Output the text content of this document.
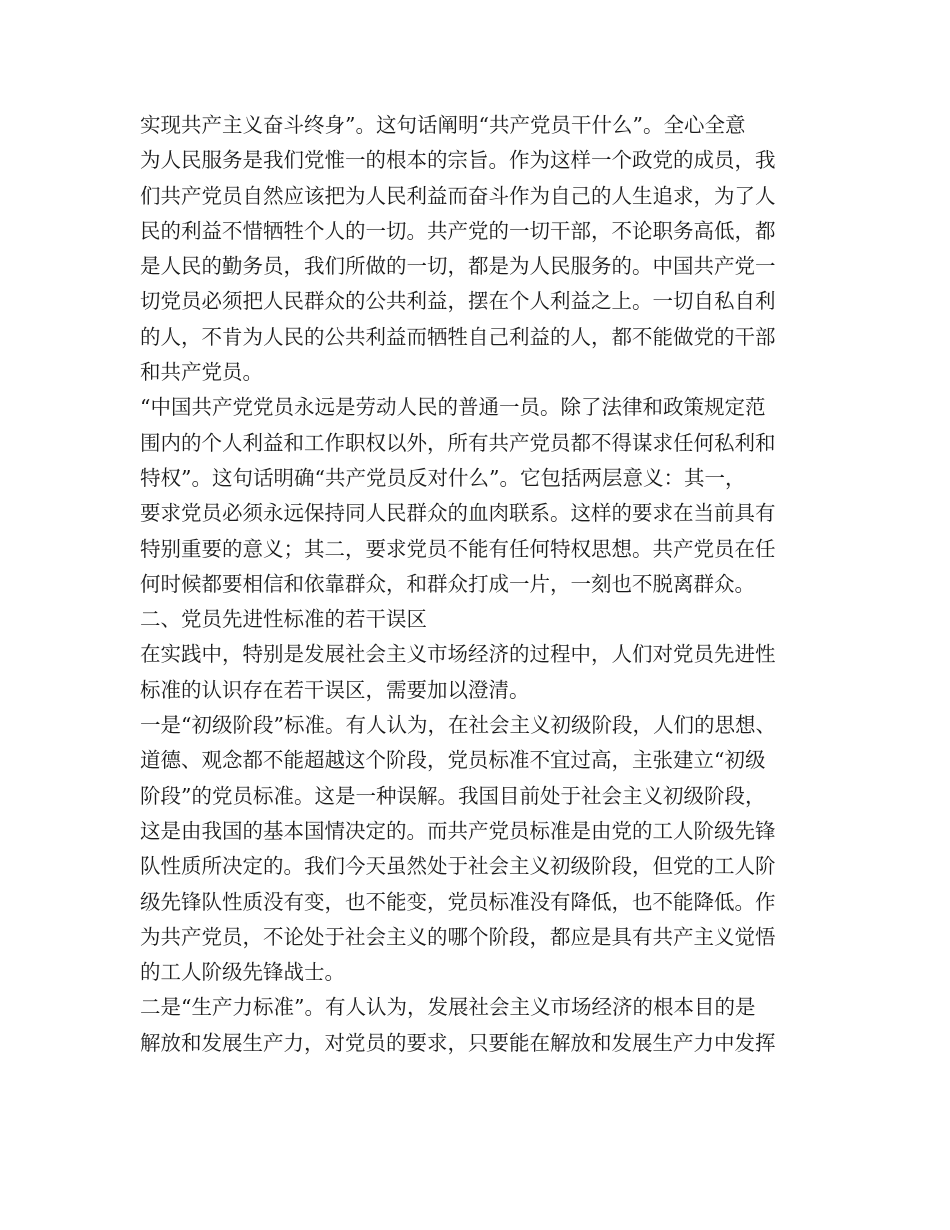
实现共产主义奋斗终身”。这句话阐明“共产党员干什么”。全心全意
为人民服务是我们党惟一的根本的宗旨。作为这样一个政党的成员，我
们共产党员自然应该把为人民利益而奋斗作为自己的人生追求，为了人
民的利益不惜牺牲个人的一切。共产党的一切干部，不论职务高低，都
是人民的勤务员，我们所做的一切，都是为人民服务的。中国共产党一
切党员必须把人民群众的公共利益，摆在个人利益之上。一切自私自利
的人，不肯为人民的公共利益而牺牲自己利益的人，都不能做党的干部
和共产党员。
“中国共产党党员永远是劳动人民的普通一员。除了法律和政策规定范
围内的个人利益和工作职权以外，所有共产党员都不得谋求任何私利和
特权”。这句话明确“共产党员反对什么”。它包括两层意义：其一，
要求党员必须永远保持同人民群众的血肉联系。这样的要求在当前具有
特别重要的意义；其二，要求党员不能有任何特权思想。共产党员在任
何时候都要相信和依靠群众，和群众打成一片，一刻也不脱离群众。
二、党员先进性标准的若干误区
在实践中，特别是发展社会主义市场经济的过程中，人们对党员先进性
标准的认识存在若干误区，需要加以澄清。
一是“初级阶段”标准。有人认为，在社会主义初级阶段，人们的思想、
道德、观念都不能超越这个阶段，党员标准不宜过高，主张建立“初级
阶段”的党员标准。这是一种误解。我国目前处于社会主义初级阶段，
这是由我国的基本国情决定的。而共产党员标准是由党的工人阶级先锋
队性质所决定的。我们今天虽然处于社会主义初级阶段，但党的工人阶
级先锋队性质没有变，也不能变，党员标准没有降低，也不能降低。作
为共产党员，不论处于社会主义的哪个阶段，都应是具有共产主义觉悟
的工人阶级先锋战士。
二是“生产力标准”。有人认为，发展社会主义市场经济的根本目的是
解放和发展生产力，对党员的要求，只要能在解放和发展生产力中发挥
